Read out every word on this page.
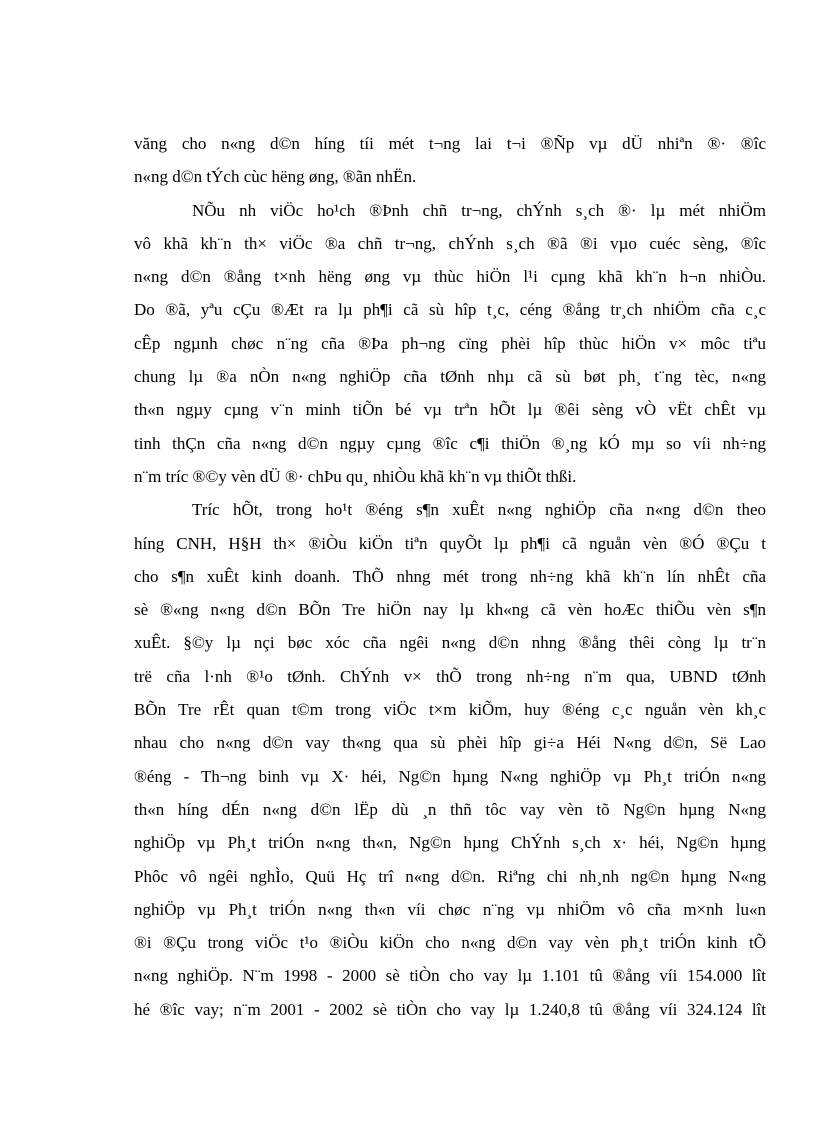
văng cho n«ng d©n híng tíi mét t¬ng lai t¬i ®Ñp vµ dÜ nhiªn ®· ®îc
n«ng d©n tÝch cùc hëng øng, ®ãn nhËn.
NÕu nh viÖc ho¹ch ®Þnh chñ tr¬ng, chÝnh s¸ch ®· lµ mét nhiÖm
vô khã kh¨n th× viÖc ®a chñ tr¬ng, chÝnh s¸ch ®ã ®i vµo cuéc sèng, ®îc
n«ng d©n ®ång t×nh hëng øng vµ thùc hiÖn l¹i cµng khã kh¨n h¬n nhiÒu.
Do ®ã, yªu cÇu ®Æt ra lµ ph¶i cã sù hîp t¸c, céng ®ång tr¸ch nhiÖm cña c¸c
cÊp ngµnh chøc n¨ng cña ®Þa ph¬ng cïng phèi hîp thùc hiÖn v× môc tiªu
chung lµ ®a nÒn n«ng nghiÖp cña tØnh nhµ cã sù bøt ph¸ t¨ng tèc, n«ng
th«n ngµy cµng v¨n minh tiÕn bé vµ trªn hÕt lµ ®êi sèng vÒ vËt chÊt vµ
tinh thÇn cña n«ng d©n ngµy cµng ®îc c¶i thiÖn ®¸ng kÓ mµ so víi nh÷ng
n¨m tríc ®©y vèn dÜ ®· chÞu qu¸ nhiÒu khã kh¨n vµ thiÕt thßi.
Tríc hÕt, trong ho¹t ®éng s¶n xuÊt n«ng nghiÖp cña n«ng d©n theo
híng CNH, H§H th× ®iÒu kiÖn tiªn quyÕt lµ ph¶i cã nguån vèn ®Ó ®Çu t
cho s¶n xuÊt kinh doanh. ThÕ nhng mét trong nh÷ng khã kh¨n lín nhÊt cña
sè ®«ng n«ng d©n BÕn Tre hiÖn nay lµ kh«ng cã vèn hoÆc thiÕu vèn s¶n
xuÊt. §©y lµ nçi bøc xóc cña ngêi n«ng d©n nhng ®ång thêi còng lµ tr¨n
trë cña l·nh ®¹o tØnh. ChÝnh v× thÕ trong nh÷ng n¨m qua, UBND tØnh
BÕn Tre rÊt quan t©m trong viÖc t×m kiÕm, huy ®éng c¸c nguån vèn kh¸c
nhau cho n«ng d©n vay th«ng qua sù phèi hîp gi÷a Héi N«ng d©n, Së Lao
®éng - Th¬ng binh vµ X· héi, Ng©n hµng N«ng nghiÖp vµ Ph¸t triÓn n«ng
th«n híng dÉn n«ng d©n lËp dù ¸n thñ tôc vay vèn tõ Ng©n hµng N«ng
nghiÖp vµ Ph¸t triÓn n«ng th«n, Ng©n hµng ChÝnh s¸ch x· héi, Ng©n hµng
Phôc vô ngêi nghÌo, Quü Hç trî n«ng d©n. Riªng chi nh¸nh ng©n hµng N«ng
nghiÖp vµ Ph¸t triÓn n«ng th«n víi chøc n¨ng vµ nhiÖm vô cña m×nh lu«n
®i ®Çu trong viÖc t¹o ®iÒu kiÖn cho n«ng d©n vay vèn ph¸t triÓn kinh tÕ
n«ng nghiÖp. N¨m 1998 - 2000 sè tiÒn cho vay lµ 1.101 tû ®ång víi 154.000 lît
hé ®îc vay; n¨m 2001 - 2002 sè tiÒn cho vay lµ 1.240,8 tû ®ång víi 324.124 lît
